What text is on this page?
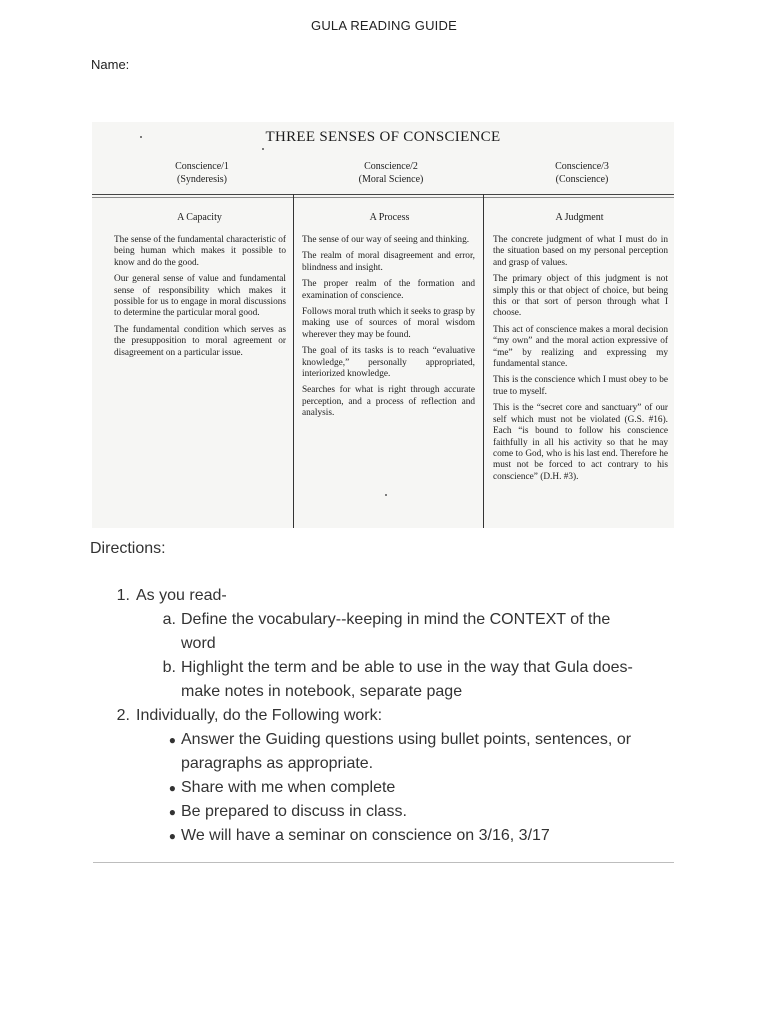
GULA READING GUIDE
Name:
THREE SENSES OF CONSCIENCE
Conscience/1
(Synderesis)
Conscience/2
(Moral Science)
Conscience/3
(Conscience)
A Capacity	A Process	A Judgment

The sense of the fundamental characteristic of being human which makes it possible to know and do the good.

Our general sense of value and fundamental sense of responsibility which makes it possible for us to engage in moral discussions to determine the particular moral good.

The fundamental condition which serves as the presupposition to moral agreement or disagreement on a particular issue.

The sense of our way of seeing and thinking.

The realm of moral disagreement and error, blindness and insight.

The proper realm of the formation and examination of conscience.

Follows moral truth which it seeks to grasp by making use of sources of moral wisdom wherever they may be found.

The goal of its tasks is to reach “evaluative knowledge,” personally appropriated, interiorized knowledge.

Searches for what is right through accurate perception, and a process of reflection and analysis.

The concrete judgment of what I must do in the situation based on my personal perception and grasp of values.

The primary object of this judgment is not simply this or that object of choice, but being this or that sort of person through what I choose.

This act of conscience makes a moral decision “my own” and the moral action expressive of “me” by realizing and expressing my fundamental stance.

This is the conscience which I must obey to be true to myself.

This is the “secret core and sanctuary” of our self which must not be violated (G.S. #16). Each “is bound to follow his conscience faithfully in all his activity so that he may come to God, who is his last end. Therefore he must not be forced to act contrary to his conscience” (D.H. #3).

Directions:
1. As you read-
a. Define the vocabulary--keeping in mind the CONTEXT of the
word
b. Highlight the term and be able to use in the way that Gula does-
make notes in notebook, separate page
2. Individually, do the Following work:
● Answer the Guiding questions using bullet points, sentences, or
paragraphs as appropriate.
● Share with me when complete
● Be prepared to discuss in class.
● We will have a seminar on conscience on 3/16, 3/17
